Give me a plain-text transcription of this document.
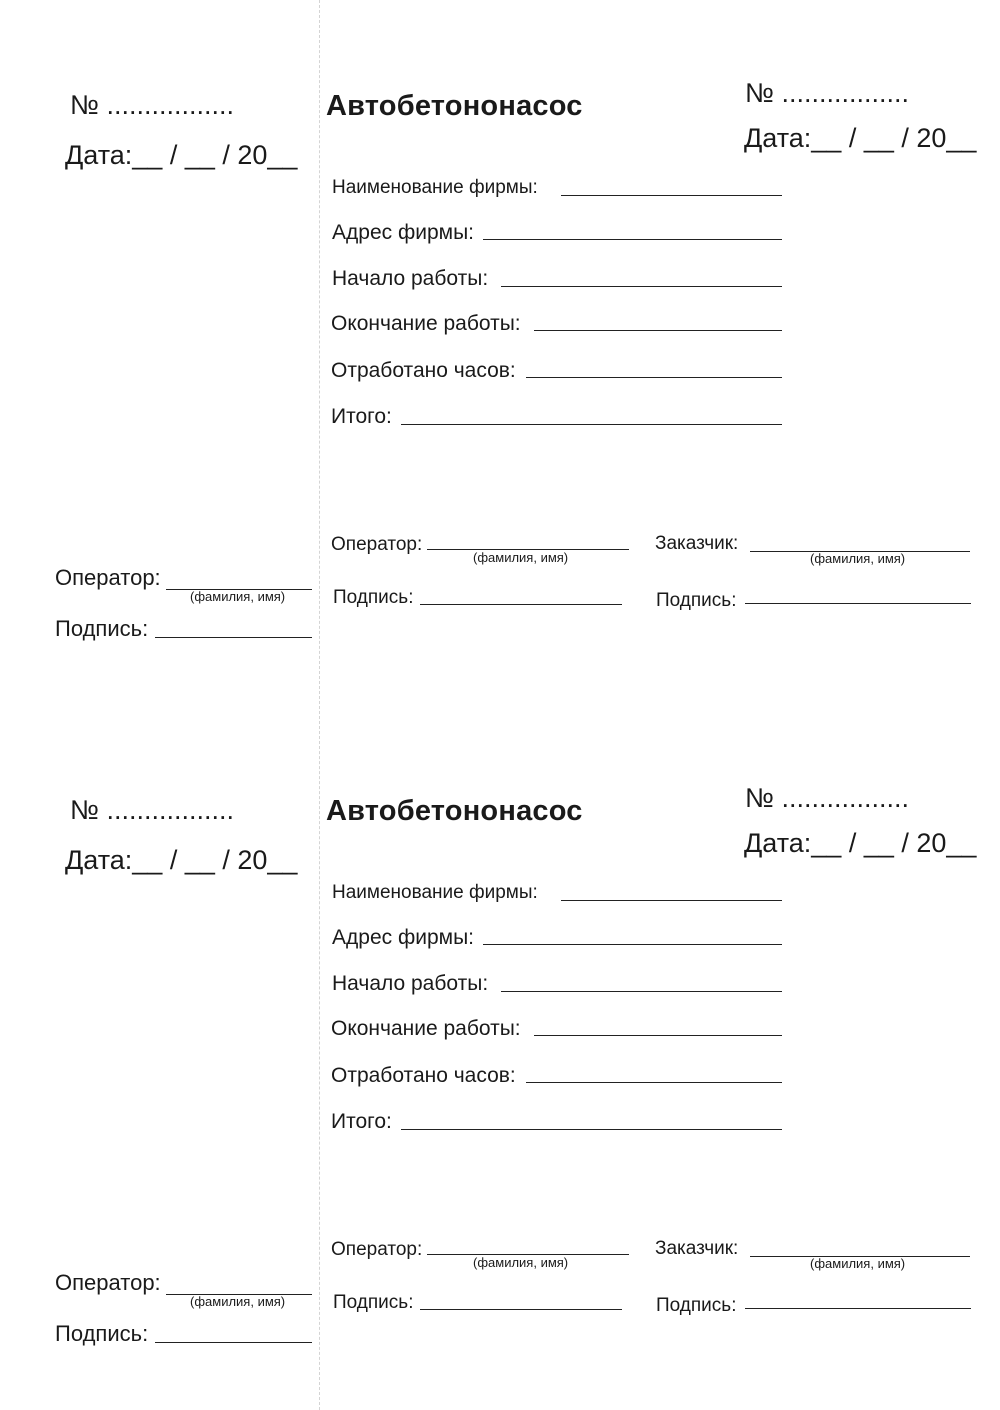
№ .................
Дата:__ / __ / 20__
Оператор:
(фамилия, имя)
Подпись:
Автобетононасос	№ .................
Дата:__ / __ / 20__
Наименование фирмы:
Адрес фирмы:
Начало работы:
Окончание работы:
Отработано часов:
Итого:
Оператор:
(фамилия, имя)
Подпись:
Заказчик:
(фамилия, имя)
Подпись:
№ .................
Дата:__ / __ / 20__
Оператор:
(фамилия, имя)
Подпись:
Автобетононасос	№ .................
Дата:__ / __ / 20__
Наименование фирмы:
Адрес фирмы:
Начало работы:
Окончание работы:
Отработано часов:
Итого:
Оператор:
(фамилия, имя)
Подпись:
Заказчик:
(фамилия, имя)
Подпись:
